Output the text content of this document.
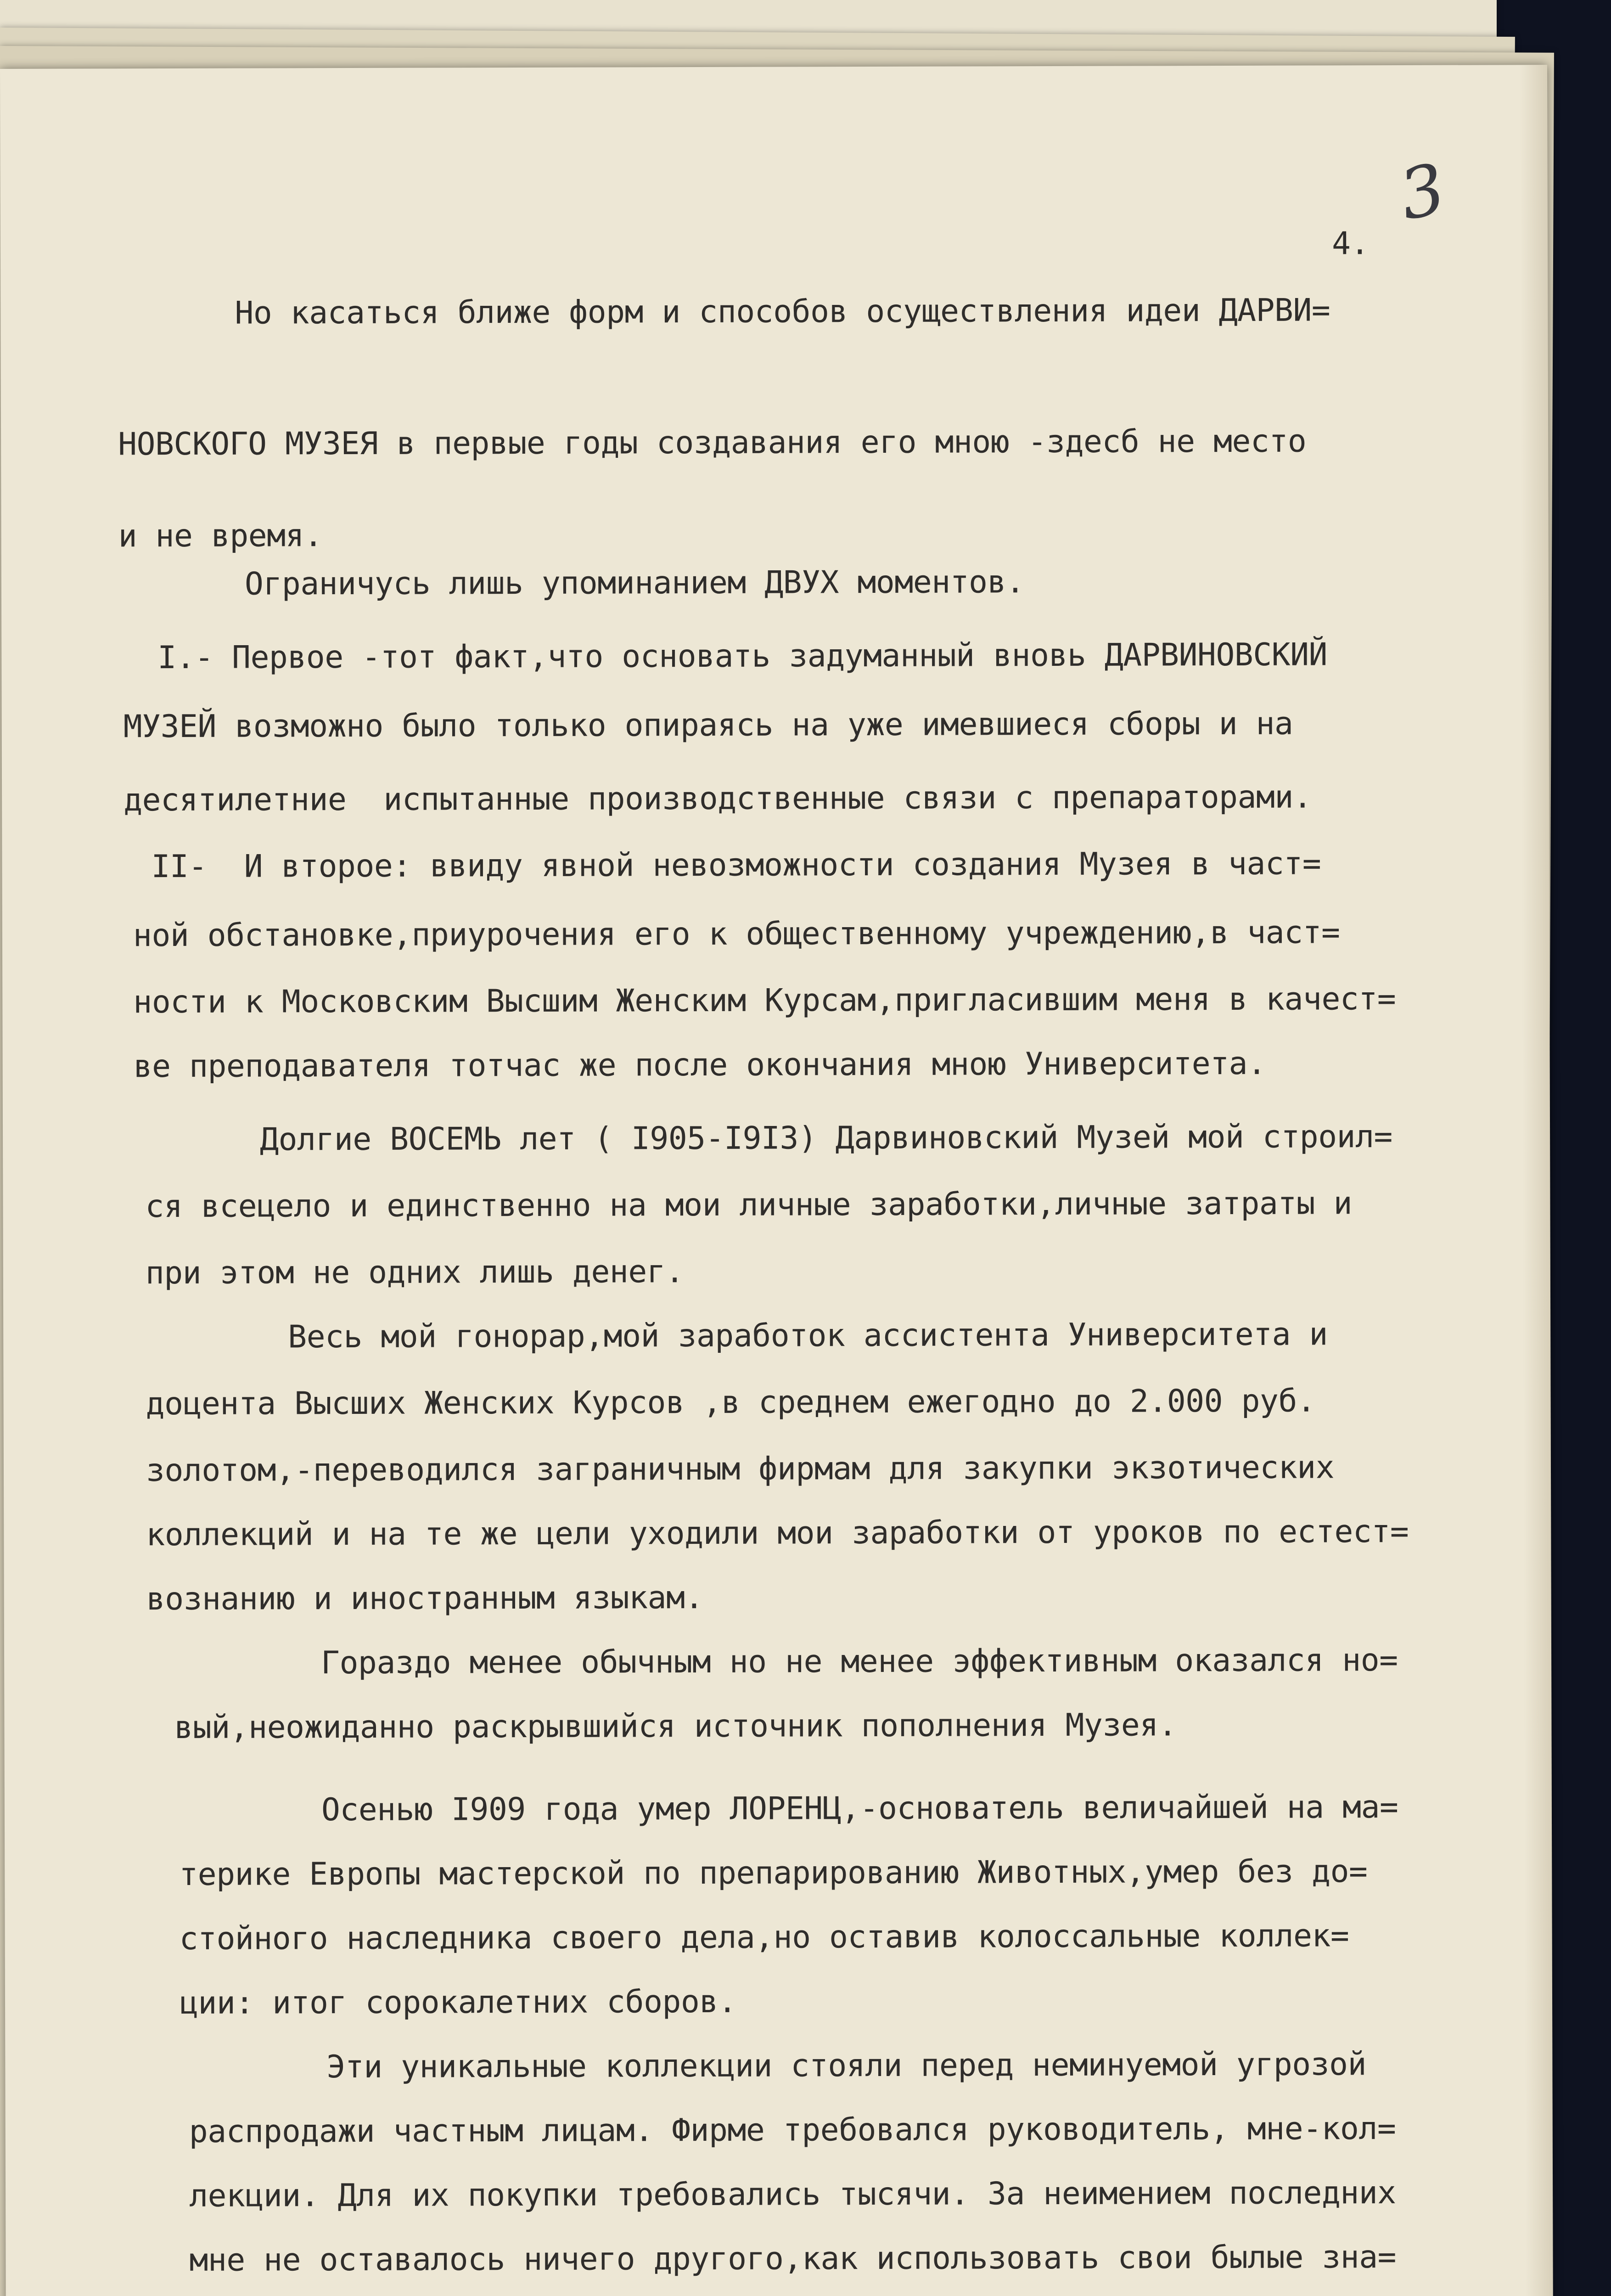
3
4.
Но касаться ближе форм и способов осуществления идеи ДАРВИ=
НОВСКОГО МУЗЕЯ в первые годы создавания его мною -здесб не место
и не время.
Ограничусь лишь упоминанием ДВУХ моментов.
I.- Первое -тот факт,что основать задуманный вновь ДАРВИНОВСКИЙ
МУЗЕЙ возможно было только опираясь на уже имевшиеся сборы и на
десятилетние  испытанные производственные связи с препараторами.
II-  И второе: ввиду явной невозможности создания Музея в част=
ной обстановке,приурочения его к общественному учреждению,в част=
ности к Московским Высшим Женским Курсам,пригласившим меня в качест=
ве преподавателя тотчас же после окончания мною Университета.
Долгие ВОСЕМЬ лет ( I905-I9I3) Дарвиновский Музей мой строил=
ся всецело и единственно на мои личные заработки,личные затраты и
при этом не одних лишь денег.
Весь мой гонорар,мой заработок ассистента Университета и
доцента Высших Женских Курсов ,в среднем ежегодно до 2.000 руб.
золотом,-переводился заграничным фирмам для закупки экзотических
коллекций и на те же цели уходили мои заработки от уроков по естест=
вознанию и иностранным языкам.
Гораздо менее обычным но не менее эффективным оказался но=
вый,неожиданно раскрывшийся источник пополнения Музея.
Осенью I909 года умер ЛОРЕНЦ,-основатель величайшей на ма=
терике Европы мастерской по препарированию Животных,умер без до=
стойного наследника своего дела,но оставив колоссальные коллек=
ции: итог сорокалетних сборов.
Эти уникальные коллекции стояли перед неминуемой угрозой
распродажи частным лицам. Фирме требовался руководитель, мне-кол=
лекции. Для их покупки требовались тысячи. За неимением последних
мне не оставалось ничего другого,как использовать свои былые зна=
